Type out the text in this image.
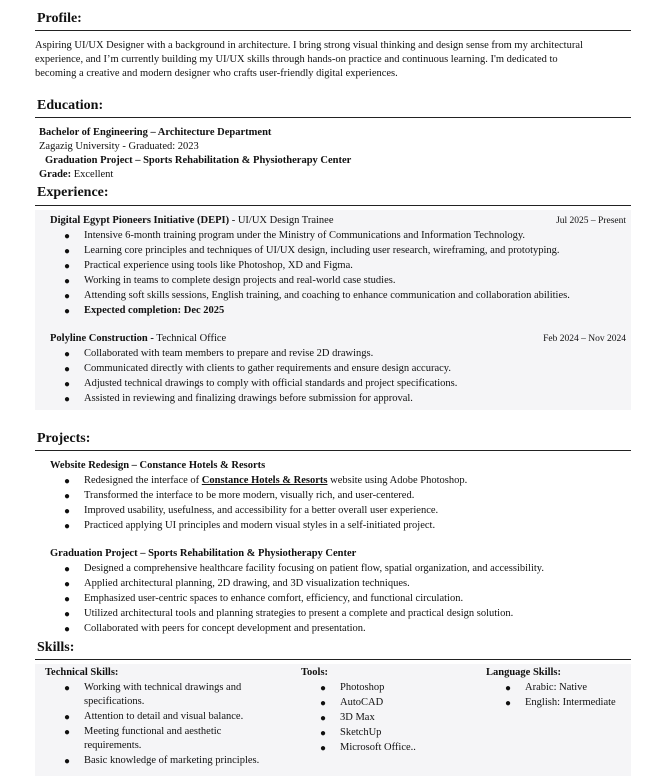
Profile:
Aspiring UI/UX Designer with a background in architecture. I bring strong visual thinking and design sense from my architectural
experience, and I’m currently building my UI/UX skills through hands-on practice and continuous learning. I'm dedicated to
becoming a creative and modern designer who crafts user-friendly digital experiences.
Education:
Bachelor of Engineering – Architecture Department
Zagazig University - Graduated: 2023
Graduation Project – Sports Rehabilitation & Physiotherapy Center
Grade: Excellent
Experience:
Digital Egypt Pioneers Initiative (DEPI) - UI/UX Design Trainee	Jul 2025 – Present
● Intensive 6-month training program under the Ministry of Communications and Information Technology.
● Learning core principles and techniques of UI/UX design, including user research, wireframing, and prototyping.
● Practical experience using tools like Photoshop, XD and Figma.
● Working in teams to complete design projects and real-world case studies.
● Attending soft skills sessions, English training, and coaching to enhance communication and collaboration abilities.
● Expected completion: Dec 2025
Polyline Construction - Technical Office	Feb 2024 – Nov 2024
● Collaborated with team members to prepare and revise 2D drawings.
● Communicated directly with clients to gather requirements and ensure design accuracy.
● Adjusted technical drawings to comply with official standards and project specifications.
● Assisted in reviewing and finalizing drawings before submission for approval.
Projects:
Website Redesign – Constance Hotels & Resorts
● Redesigned the interface of Constance Hotels & Resorts website using Adobe Photoshop.
● Transformed the interface to be more modern, visually rich, and user-centered.
● Improved usability, usefulness, and accessibility for a better overall user experience.
● Practiced applying UI principles and modern visual styles in a self-initiated project.
Graduation Project – Sports Rehabilitation & Physiotherapy Center
● Designed a comprehensive healthcare facility focusing on patient flow, spatial organization, and accessibility.
● Applied architectural planning, 2D drawing, and 3D visualization techniques.
● Emphasized user-centric spaces to enhance comfort, efficiency, and functional circulation.
● Utilized architectural tools and planning strategies to present a complete and practical design solution.
● Collaborated with peers for concept development and presentation.
Skills:
Technical Skills:
● Working with technical drawings and
specifications.
● Attention to detail and visual balance.
● Meeting functional and aesthetic
requirements.
● Basic knowledge of marketing principles.
Tools:
● Photoshop
● AutoCAD
● 3D Max
● SketchUp
● Microsoft Office..
Language Skills:
● Arabic: Native
● English: Intermediate
